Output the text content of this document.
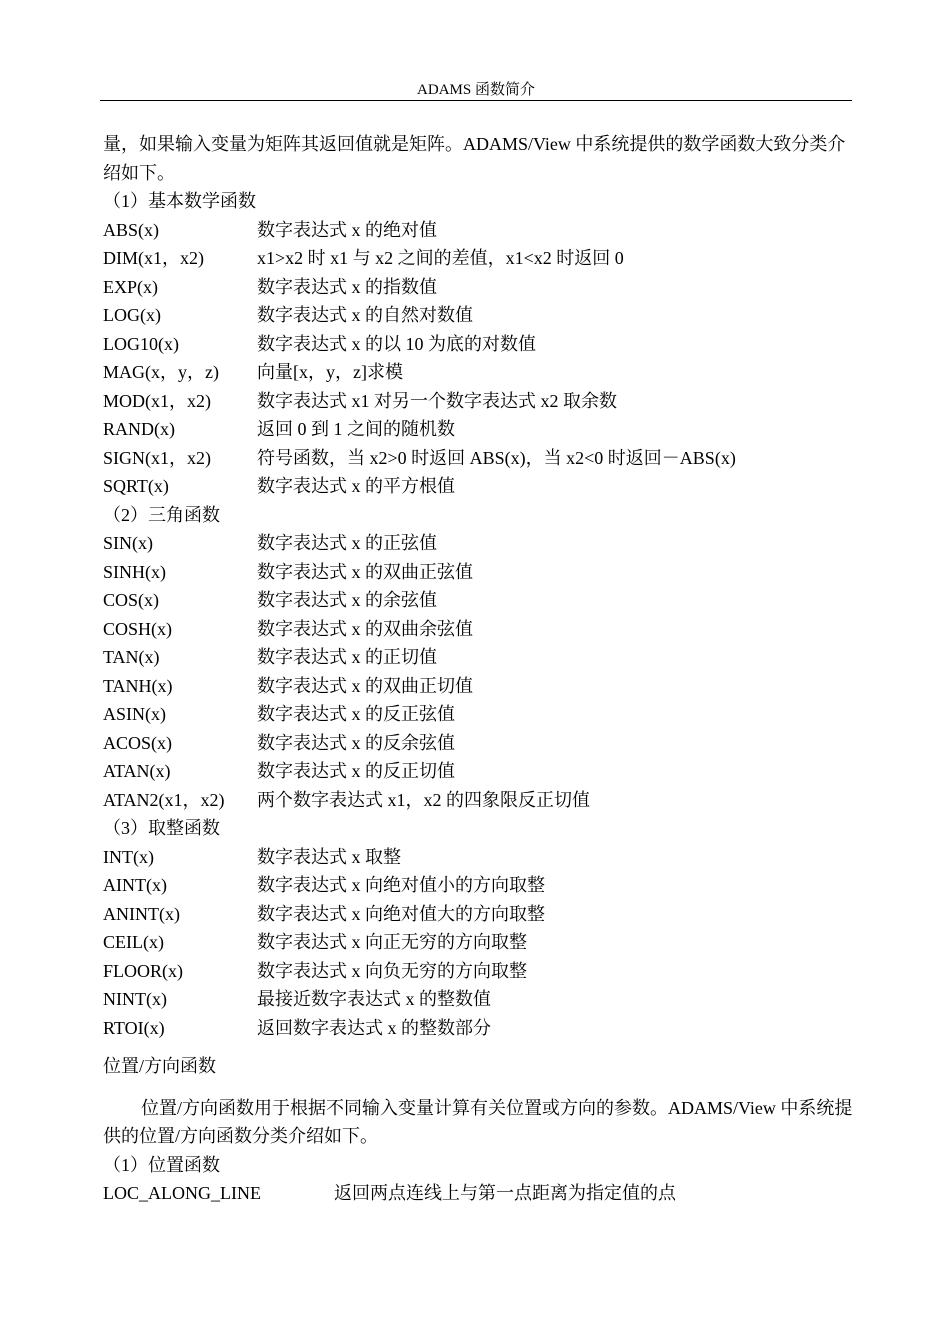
ADAMS 函数简介
量，如果输入变量为矩阵其返回值就是矩阵。ADAMS/View 中系统提供的数学函数大致分类介绍如下。
（1）基本数学函数
ABS(x)	数字表达式 x 的绝对值
DIM(x1，x2)	x1>x2 时 x1 与 x2 之间的差值，x1<x2 时返回 0
EXP(x)	数字表达式 x 的指数值
LOG(x)	数字表达式 x 的自然对数值
LOG10(x)	数字表达式 x 的以 10 为底的对数值
MAG(x，y，z) 向量[x，y，z]求模
MOD(x1，x2)	数字表达式 x1 对另一个数字表达式 x2 取余数
RAND(x)	返回 0 到 1 之间的随机数
SIGN(x1，x2)	符号函数，当 x2>0 时返回 ABS(x)，当 x2<0 时返回－ABS(x)
SQRT(x)	数字表达式 x 的平方根值
（2）三角函数
SIN(x)	数字表达式 x 的正弦值
SINH(x)	数字表达式 x 的双曲正弦值
COS(x)	数字表达式 x 的余弦值
COSH(x)	数字表达式 x 的双曲余弦值
TAN(x)	数字表达式 x 的正切值
TANH(x)	数字表达式 x 的双曲正切值
ASIN(x)	数字表达式 x 的反正弦值
ACOS(x)	数字表达式 x 的反余弦值
ATAN(x)	数字表达式 x 的反正切值
ATAN2(x1，x2) 两个数字表达式 x1，x2 的四象限反正切值
（3）取整函数
INT(x)	数字表达式 x 取整
AINT(x)	数字表达式 x 向绝对值小的方向取整
ANINT(x)	数字表达式 x 向绝对值大的方向取整
CEIL(x)	数字表达式 x 向正无穷的方向取整
FLOOR(x)	数字表达式 x 向负无穷的方向取整
NINT(x)	最接近数字表达式 x 的整数值
RTOI(x)	返回数字表达式 x 的整数部分
位置/方向函数
位置/方向函数用于根据不同输入变量计算有关位置或方向的参数。ADAMS/View 中系统提供的位置/方向函数分类介绍如下。
（1）位置函数
LOC_ALONG_LINE	返回两点连线上与第一点距离为指定值的点
